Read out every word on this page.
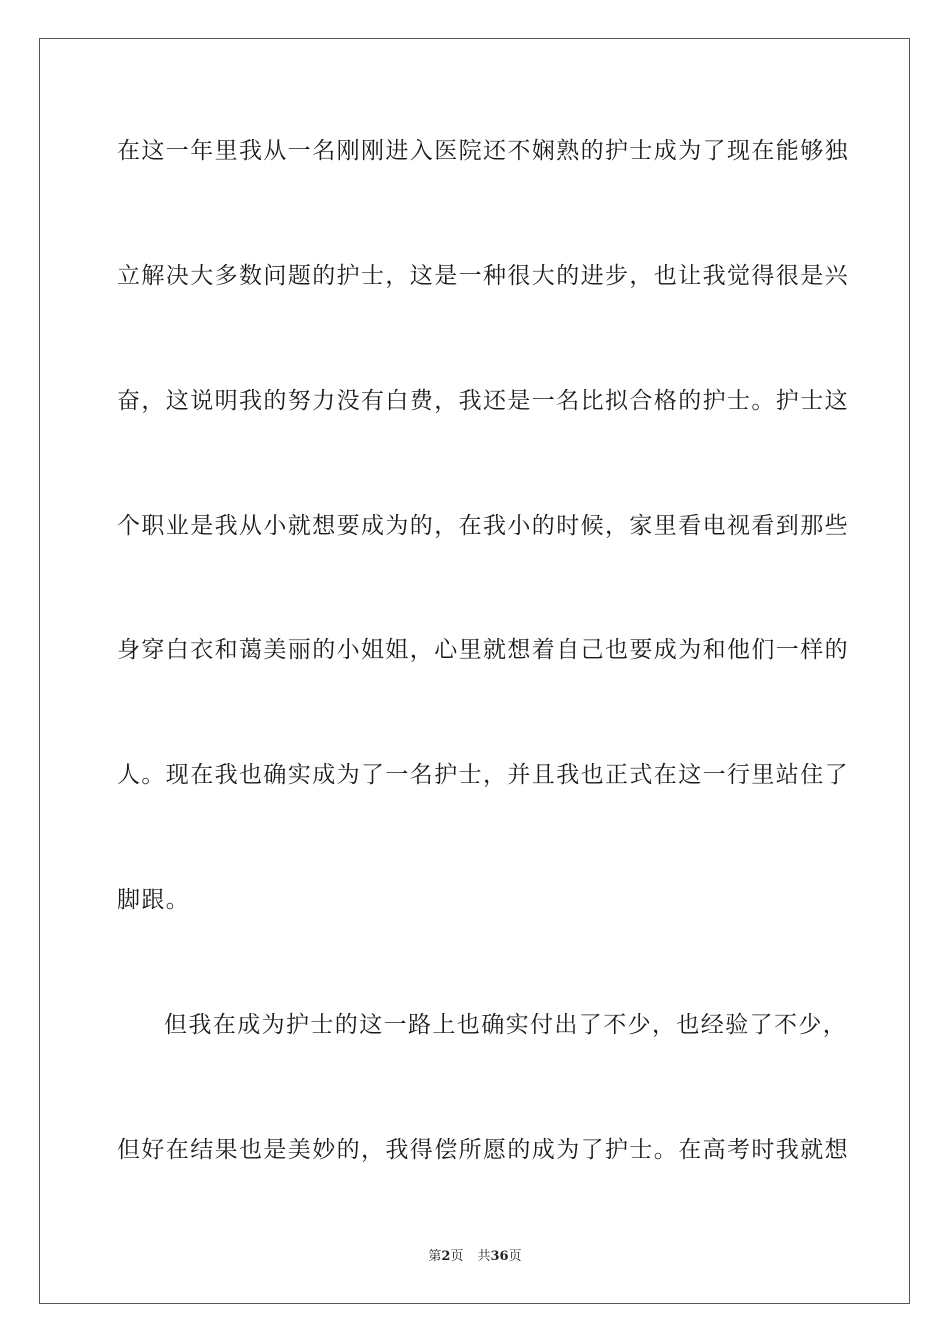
在这一年里我从一名刚刚进入医院还不娴熟的护士成为了现在能够独
立解决大多数问题的护士，这是一种很大的进步，也让我觉得很是兴
奋，这说明我的努力没有白费，我还是一名比拟合格的护士。护士这
个职业是我从小就想要成为的，在我小的时候，家里看电视看到那些
身穿白衣和蔼美丽的小姐姐，心里就想着自己也要成为和他们一样的
人。现在我也确实成为了一名护士，并且我也正式在这一行里站住了
脚跟。
但我在成为护士的这一路上也确实付出了不少，也经验了不少，
但好在结果也是美妙的，我得偿所愿的成为了护士。在高考时我就想
第2页 共36页
